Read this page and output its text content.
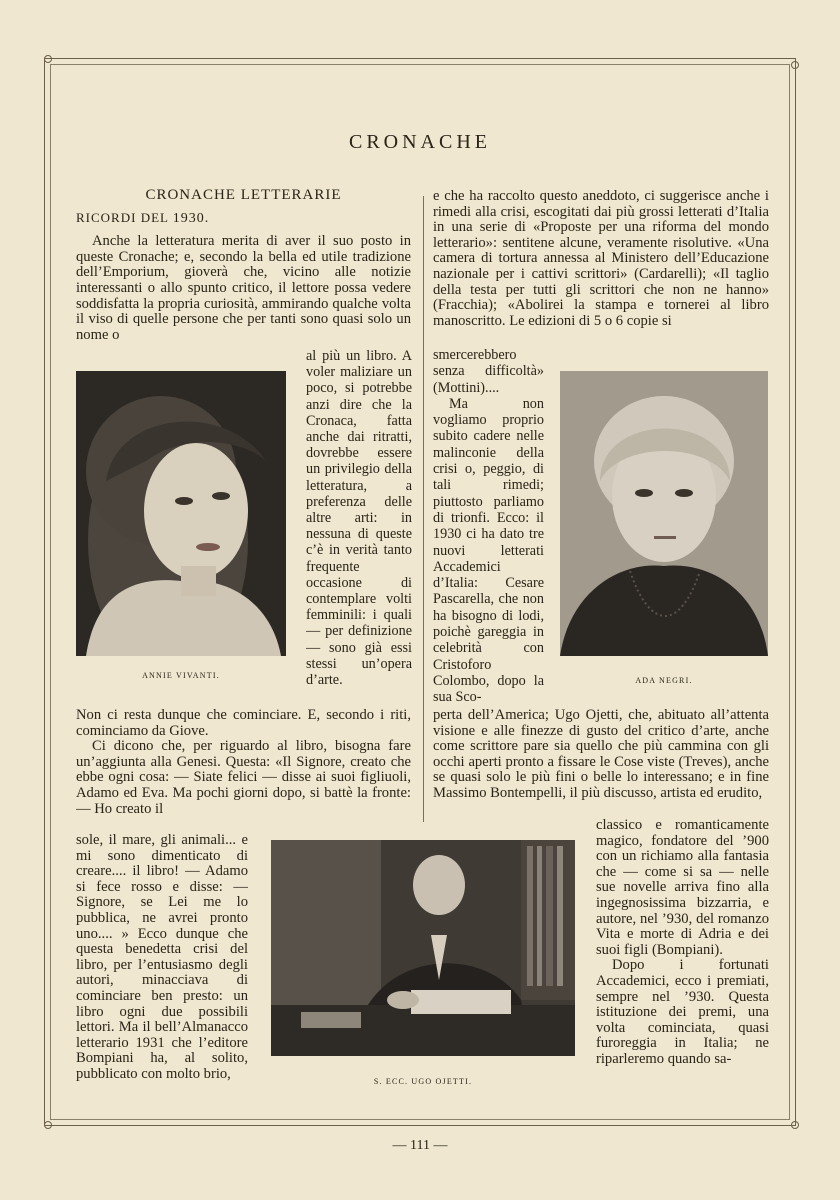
CRONACHE

CRONACHE LETTERARIE

RICORDI DEL 1930.

Anche la letteratura merita di aver il suo posto in queste Cronache; e, secondo la bella ed utile tradizione dell’Emporium, gioverà che, vicino alle notizie interessanti o allo spunto critico, il lettore possa vedere soddisfatta la propria curiosità, ammirando qualche volta il viso di quelle persone che per tanti sono quasi solo un nome o

al più un libro. A voler maliziare un poco, si potrebbe anzi dire che la Cronaca, fatta anche dai ritratti, dovrebbe essere un privilegio della letteratura, a preferenza delle altre arti: in nessuna di queste c’è in verità tanto frequente occasione di contemplare volti femminili: i quali — per definizione — sono già essi stessi un’opera d’arte.

Non ci resta dunque che cominciare. E, secondo i riti, cominciamo da Giove.

Ci dicono che, per riguardo al libro, bisogna fare un’aggiunta alla Genesi. Questa: «Il Signore, creato che ebbe ogni cosa: — Siate felici — disse ai suoi figliuoli, Adamo ed Eva. Ma pochi giorni dopo, si battè la fronte: — Ho creato il

sole, il mare, gli animali... e mi sono dimenticato di creare.... il libro! — Adamo si fece rosso e disse: — Signore, se Lei me lo pubblica, ne avrei pronto uno.... » Ecco dunque che questa benedetta crisi del libro, per l’entusiasmo degli autori, minacciava di cominciare ben presto: un libro ogni due possibili lettori. Ma il bell’Almanacco letterario 1931 che l’editore Bompiani ha, al solito, pubblicato con molto brio,

ANNIE VIVANTI.

e che ha raccolto questo aneddoto, ci suggerisce anche i rimedi alla crisi, escogitati dai più grossi letterati d’Italia in una serie di «Proposte per una riforma del mondo letterario»: sentitene alcune, veramente risolutive. «Una camera di tortura annessa al Ministero dell’Educazione nazionale per i cattivi scrittori» (Cardarelli); «Il taglio della testa per tutti gli scrittori che non ne hanno» (Fracchia); «Abolirei la stampa e tornerei al libro manoscritto. Le edizioni di 5 o 6 copie si

smercerebbero senza difficoltà» (Mottini)....

Ma non vogliamo proprio subito cadere nelle malinconie della crisi o, peggio, di tali rimedi; piuttosto parliamo di trionfi. Ecco: il 1930 ci ha dato tre nuovi letterati Accademici d’Italia: Cesare Pascarella, che non ha bisogno di lodi, poichè gareggia in celebrità con Cristoforo Colombo, dopo la sua Sco-

ADA NEGRI.

perta dell’America; Ugo Ojetti, che, abituato all’attenta visione e alle finezze di gusto del critico d’arte, anche come scrittore pare sia quello che più cammina con gli occhi aperti pronto a fissare le Cose viste (Treves), anche se quasi solo le più fini o belle lo interessano; e in fine Massimo Bontempelli, il più discusso, artista ed erudito,

classico e romanticamente magico, fondatore del ’900 con un richiamo alla fantasia che — come si sa — nelle sue novelle arriva fino alla ingegnosissima bizzarria, e autore, nel ’930, del romanzo Vita e morte di Adria e dei suoi figli (Bompiani).

Dopo i fortunati Accademici, ecco i premiati, sempre nel ’930. Questa istituzione dei premi, una volta cominciata, quasi furoreggia in Italia; ne riparleremo quando sa-

S. ECC. UGO OJETTI.
— 111 —
